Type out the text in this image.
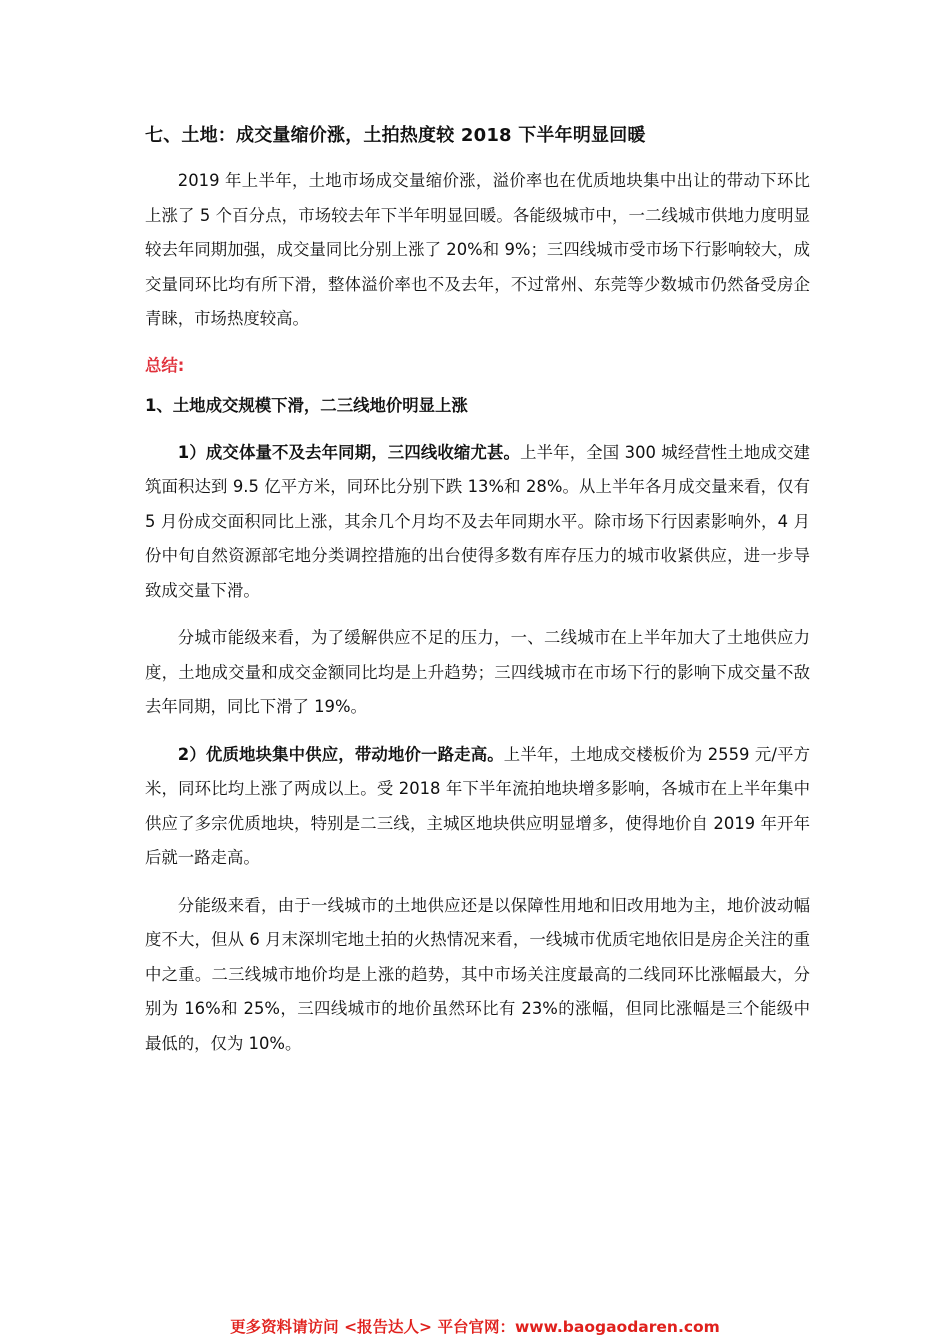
七、土地：成交量缩价涨，土拍热度较 2018 下半年明显回暖

2019 年上半年，土地市场成交量缩价涨，溢价率也在优质地块集中出让的带动下环比上涨了 5 个百分点，市场较去年下半年明显回暖。各能级城市中，一二线城市供地力度明显较去年同期加强，成交量同比分别上涨了 20%和 9%；三四线城市受市场下行影响较大，成交量同环比均有所下滑，整体溢价率也不及去年，不过常州、东莞等少数城市仍然备受房企青睐，市场热度较高。

总结:
1、土地成交规模下滑，二三线地价明显上涨

1）成交体量不及去年同期，三四线收缩尤甚。上半年，全国 300 城经营性土地成交建筑面积达到 9.5 亿平方米，同环比分别下跌 13%和 28%。从上半年各月成交量来看，仅有 5 月份成交面积同比上涨，其余几个月均不及去年同期水平。除市场下行因素影响外，4 月份中旬自然资源部宅地分类调控措施的出台使得多数有库存压力的城市收紧供应，进一步导致成交量下滑。

分城市能级来看，为了缓解供应不足的压力，一、二线城市在上半年加大了土地供应力度，土地成交量和成交金额同比均是上升趋势；三四线城市在市场下行的影响下成交量不敌去年同期，同比下滑了 19%。

2）优质地块集中供应，带动地价一路走高。上半年，土地成交楼板价为 2559 元/平方米，同环比均上涨了两成以上。受 2018 年下半年流拍地块增多影响，各城市在上半年集中供应了多宗优质地块，特别是二三线，主城区地块供应明显增多，使得地价自 2019 年开年后就一路走高。

分能级来看，由于一线城市的土地供应还是以保障性用地和旧改用地为主，地价波动幅度不大，但从 6 月末深圳宅地土拍的火热情况来看，一线城市优质宅地依旧是房企关注的重中之重。二三线城市地价均是上涨的趋势，其中市场关注度最高的二线同环比涨幅最大，分别为 16%和 25%，三四线城市的地价虽然环比有 23%的涨幅，但同比涨幅是三个能级中最低的，仅为 10%。

更多资料请访问 <报告达人> 平台官网：www.baogaodaren.com
